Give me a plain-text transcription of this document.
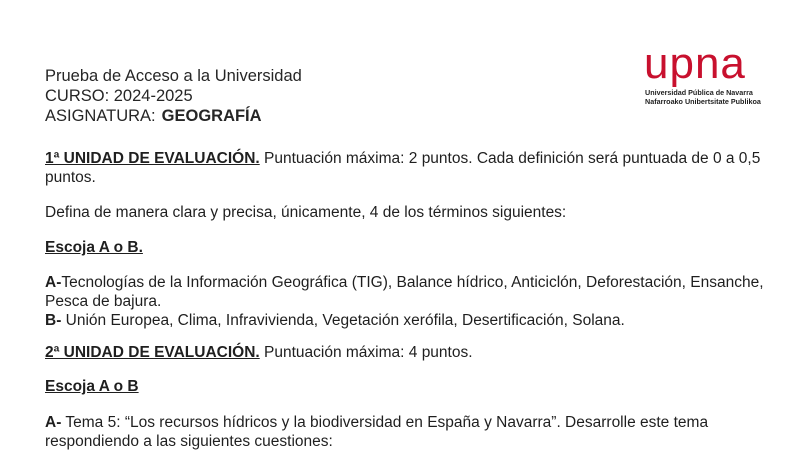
Prueba de Acceso a la Universidad
CURSO: 2024-2025
ASIGNATURA: GEOGRAFÍA
upna
Universidad Pública de Navarra
Nafarroako Unibertsitate Publikoa
1ª UNIDAD DE EVALUACIÓN. Puntuación máxima: 2 puntos. Cada definición será puntuada de 0 a 0,5 puntos.
Defina de manera clara y precisa, únicamente, 4 de los términos siguientes:
Escoja A o B.
A-Tecnologías de la Información Geográfica (TIG), Balance hídrico, Anticiclón, Deforestación, Ensanche, Pesca de bajura.
B- Unión Europea, Clima, Infravivienda, Vegetación xerófila, Desertificación, Solana.
2ª UNIDAD DE EVALUACIÓN. Puntuación máxima: 4 puntos.
Escoja A o B
A- Tema 5: “Los recursos hídricos y la biodiversidad en España y Navarra”. Desarrolle este tema respondiendo a las siguientes cuestiones:
